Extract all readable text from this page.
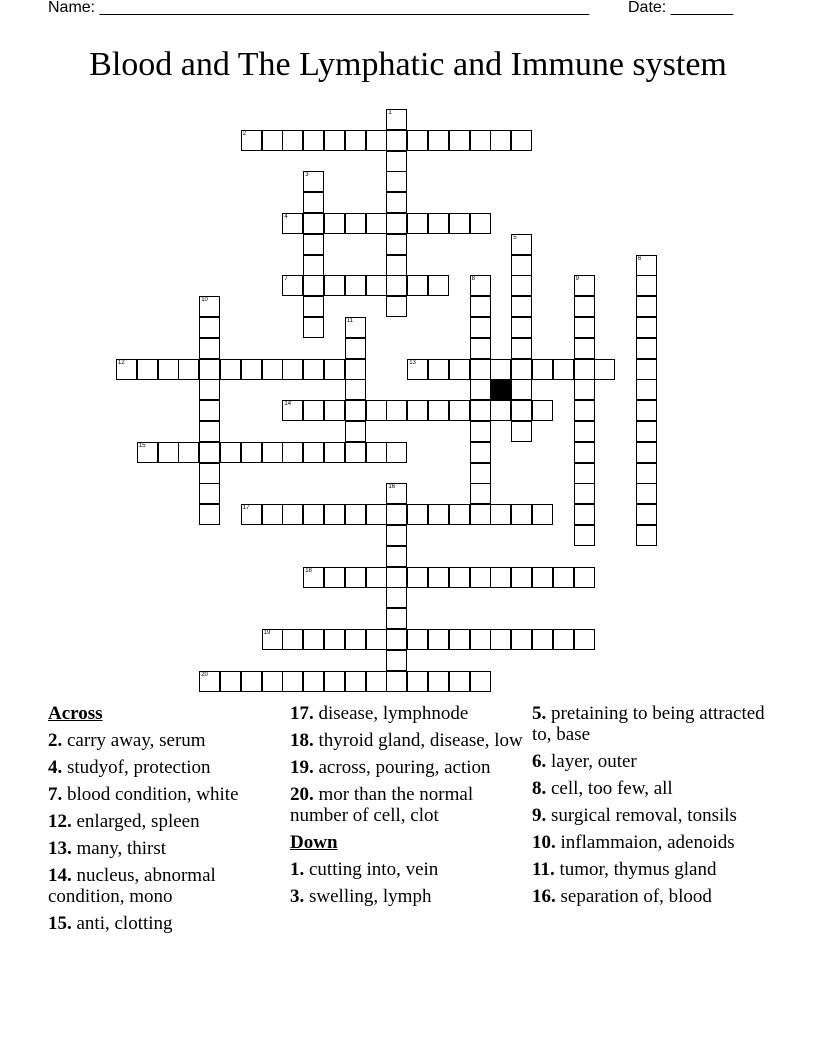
Name: _______________________________________________________ Date: _______
Blood and The Lymphatic and Immune system
1
2
3
4
5
6
7	8	9
10
11
12	13
14
15
16
17
18
19
20
Across
2. carry away, serum
4. studyof, protection
7. blood condition, white
12. enlarged, spleen
13. many, thirst
14. nucleus, abnormal condition, mono
15. anti, clotting
17. disease, lymphnode
18. thyroid gland, disease, low
19. across, pouring, action
20. mor than the normal number of cell, clot
Down
1. cutting into, vein
3. swelling, lymph
5. pretaining to being attracted to, base
6. layer, outer
8. cell, too few, all
9. surgical removal, tonsils
10. inflammaion, adenoids
11. tumor, thymus gland
16. separation of, blood
